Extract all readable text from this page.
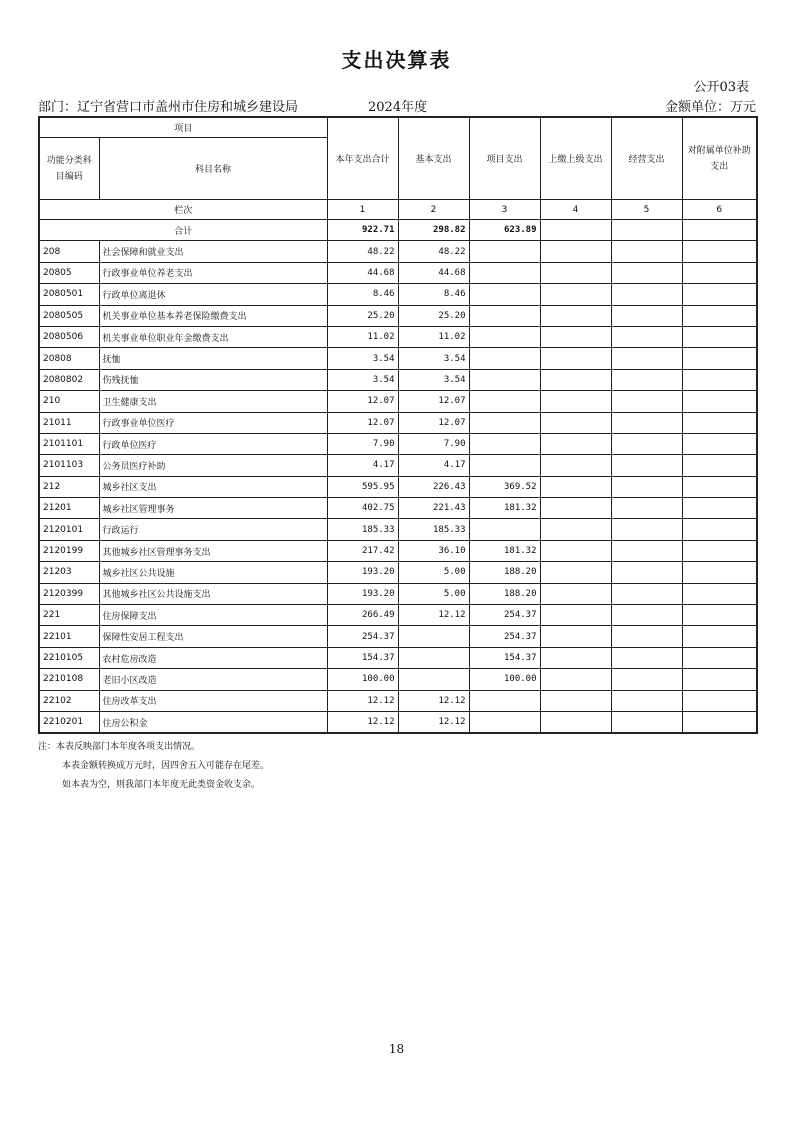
支出决算表
公开03表
部门：辽宁省营口市盖州市住房和城乡建设局	2024年度	金额单位：万元
项目		本年支出合计	基本支出	项目支出	上缴上级支出	经营支出	对附属单位补助支出
功能分类科目编码	科目名称						
栏次		1	2	3	4	5	6
合计		922.71	298.82	623.89			
208	社会保障和就业支出	48.22	48.22				
20805	行政事业单位养老支出	44.68	44.68				
2080501	行政单位离退休	8.46	8.46				
2080505	机关事业单位基本养老保险缴费支出	25.20	25.20				
2080506	机关事业单位职业年金缴费支出	11.02	11.02				
20808	抚恤	3.54	3.54				
2080802	伤残抚恤	3.54	3.54				
210	卫生健康支出	12.07	12.07				
21011	行政事业单位医疗	12.07	12.07				
2101101	行政单位医疗	7.90	7.90				
2101103	公务员医疗补助	4.17	4.17				
212	城乡社区支出	595.95	226.43	369.52			
21201	城乡社区管理事务	402.75	221.43	181.32			
2120101	行政运行	185.33	185.33				
2120199	其他城乡社区管理事务支出	217.42	36.10	181.32			
21203	城乡社区公共设施	193.20	5.00	188.20			
2120399	其他城乡社区公共设施支出	193.20	5.00	188.20			
221	住房保障支出	266.49	12.12	254.37			
22101	保障性安居工程支出	254.37		254.37			
2210105	农村危房改造	154.37		154.37			
2210108	老旧小区改造	100.00		100.00			
22102	住房改革支出	12.12	12.12				
2210201	住房公积金	12.12	12.12				
注：本表反映部门本年度各项支出情况。
本表金额转换成万元时，因四舍五入可能存在尾差。
如本表为空，则我部门本年度无此类资金收支余。
18
